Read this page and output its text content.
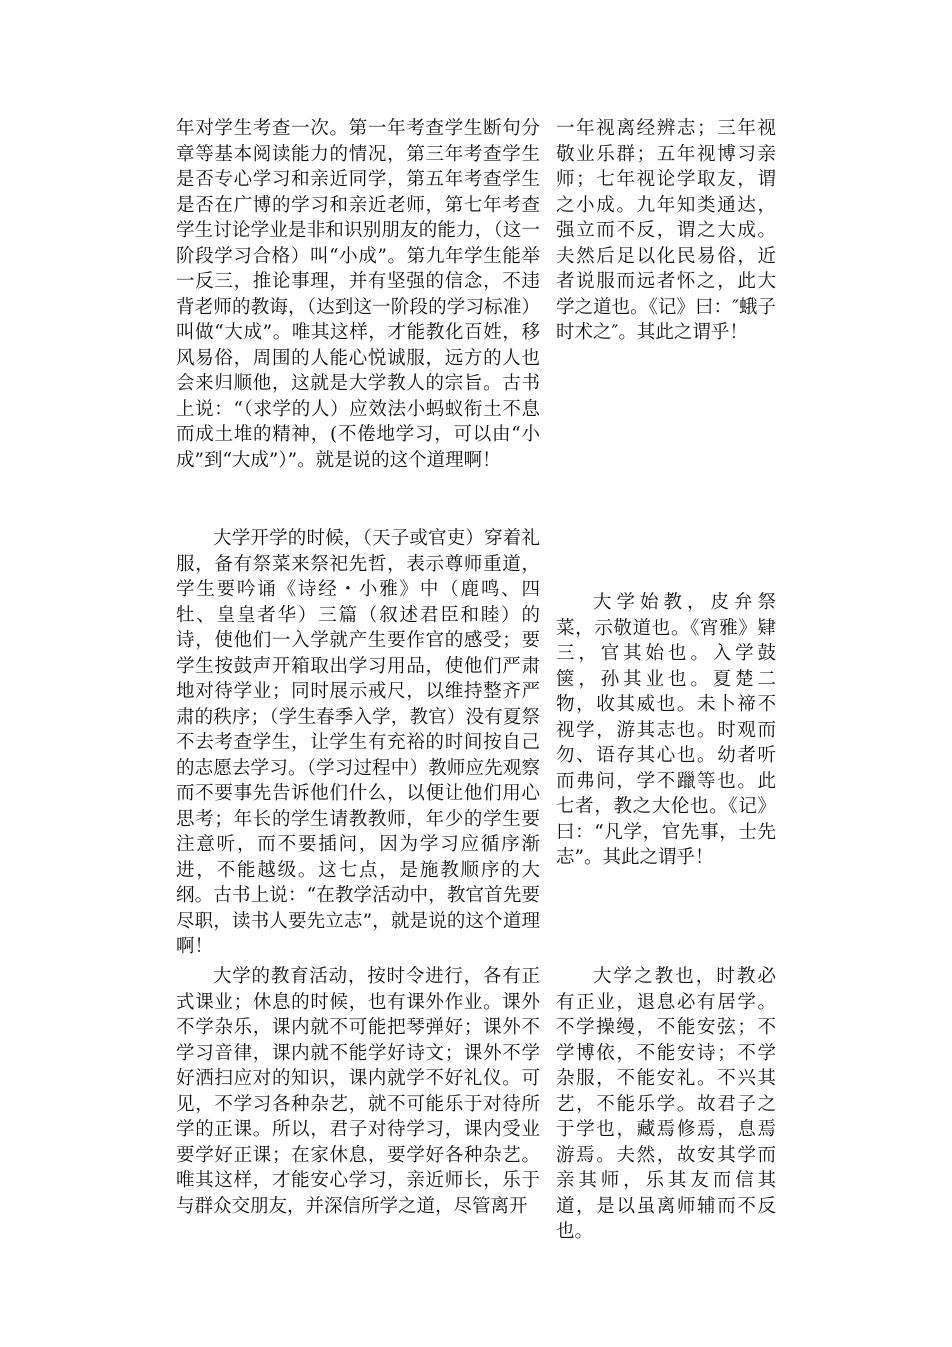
年对学生考查一次。第一年考查学生断句分章等基本阅读能力的情况，第三年考查学生是否专心学习和亲近同学，第五年考查学生是否在广博的学习和亲近老师，第七年考查学生讨论学业是非和识别朋友的能力，（这一阶段学习合格）叫“小成”。第九年学生能举一反三，推论事理，并有坚强的信念，不违背老师的教诲，（达到这一阶段的学习标准）叫做“大成”。唯其这样，才能教化百姓，移风易俗，周围的人能心悦诚服，远方的人也会来归顺他，这就是大学教人的宗旨。古书上说：“（求学的人）应效法小蚂蚁衔土不息而成土堆的精神，(不倦地学习，可以由“小成”到“大成”）”。就是说的这个道理啊！

大学开学的时候，（天子或官吏）穿着礼服，备有祭菜来祭祀先哲，表示尊师重道，学生要吟诵《诗经・小雅》中（鹿鸣、四牡、皇皇者华）三篇（叙述君臣和睦）的诗，使他们一入学就产生要作官的感受；要学生按鼓声开箱取出学习用品，使他们严肃地对待学业；同时展示戒尺，以维持整齐严肃的秩序；（学生春季入学，教官）没有夏祭不去考查学生，让学生有充裕的时间按自己的志愿去学习。（学习过程中）教师应先观察而不要事先告诉他们什么，以便让他们用心思考；年长的学生请教教师，年少的学生要注意听，而不要插问，因为学习应循序渐进，不能越级。这七点，是施教顺序的大纲。古书上说：“在教学活动中，教官首先要尽职，读书人要先立志”，就是说的这个道理啊！

大学的教育活动，按时令进行，各有正式课业；休息的时候，也有课外作业。课外不学杂乐，课内就不可能把琴弹好；课外不学习音律，课内就不能学好诗文；课外不学好洒扫应对的知识，课内就学不好礼仪。可见，不学习各种杂艺，就不可能乐于对待所学的正课。所以，君子对待学习，课内受业要学好正课；在家休息，要学好各种杂艺。唯其这样，才能安心学习，亲近师长，乐于与群众交朋友，并深信所学之道，尽管离开

一年视离经辨志；三年视敬业乐群；五年视博习亲师；七年视论学取友，谓之小成。九年知类通达，强立而不反，谓之大成。夫然后足以化民易俗，近者说服而远者怀之，此大学之道也。《记》曰：″蛾子时术之″。其此之谓乎！

大学始教，皮弁祭菜，示敬道也。《宵雅》肄三，官其始也。入学鼓箧，孙其业也。夏楚二物，收其威也。未卜禘不视学，游其志也。时观而勿、语存其心也。幼者听而弗问，学不躐等也。此七者，教之大伦也。《记》曰：“凡学，官先事，士先志”。其此之谓乎！

大学之教也，时教必有正业，退息必有居学。不学操缦，不能安弦；不学博依，不能安诗；不学杂服，不能安礼。不兴其艺，不能乐学。故君子之于学也，藏焉修焉，息焉游焉。夫然，故安其学而亲其师，乐其友而信其道，是以虽离师辅而不反也。
